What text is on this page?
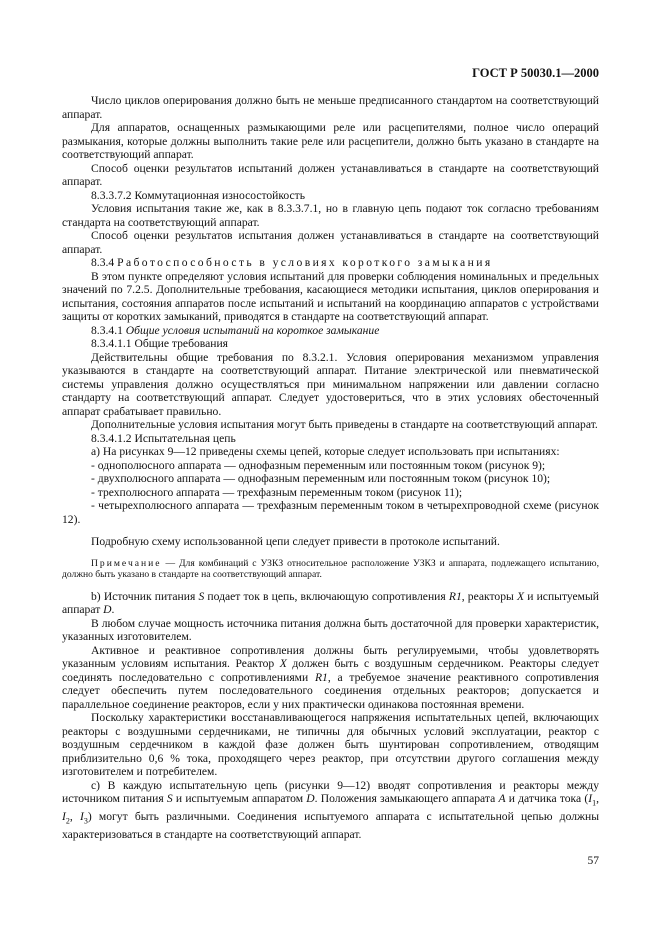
ГОСТ Р 50030.1—2000

Число циклов оперирования должно быть не меньше предписанного стандартом на соответствующий аппарат.

Для аппаратов, оснащенных размыкающими реле или расцепителями, полное число операций размыкания, которые должны выполнить такие реле или расцепители, должно быть указано в стандарте на соответствующий аппарат.

Способ оценки результатов испытаний должен устанавливаться в стандарте на соответствующий аппарат.

8.3.3.7.2 Коммутационная износостойкость

Условия испытания такие же, как в 8.3.3.7.1, но в главную цепь подают ток согласно требованиям стандарта на соответствующий аппарат.

Способ оценки результатов испытания должен устанавливаться в стандарте на соответствующий аппарат.

8.3.4 Работоспособность в условиях короткого замыкания

В этом пункте определяют условия испытаний для проверки соблюдения номинальных и предельных значений по 7.2.5. Дополнительные требования, касающиеся методики испытания, циклов оперирования и испытания, состояния аппаратов после испытаний и испытаний на координацию аппаратов с устройствами защиты от коротких замыканий, приводятся в стандарте на соответствующий аппарат.

8.3.4.1 Общие условия испытаний на короткое замыкание

8.3.4.1.1 Общие требования

Действительны общие требования по 8.3.2.1. Условия оперирования механизмом управления указываются в стандарте на соответствующий аппарат. Питание электрической или пневматической системы управления должно осуществляться при минимальном напряжении или давлении согласно стандарту на соответствующий аппарат. Следует удостовериться, что в этих условиях обесточенный аппарат срабатывает правильно.

Дополнительные условия испытания могут быть приведены в стандарте на соответствующий аппарат.

8.3.4.1.2 Испытательная цепь

а) На рисунках 9—12 приведены схемы цепей, которые следует использовать при испытаниях:

- однополюсного аппарата — однофазным переменным или постоянным током (рисунок 9);

- двухполюсного аппарата — однофазным переменным или постоянным током (рисунок 10);

- трехполюсного аппарата — трехфазным переменным током (рисунок 11);

- четырехполюсного аппарата — трехфазным переменным током в четырехпроводной схеме (рисунок 12).

Подробную схему использованной цепи следует привести в протоколе испытаний.

Примечание — Для комбинаций с УЗКЗ относительное расположение УЗКЗ и аппарата, подлежащего испытанию, должно быть указано в стандарте на соответствующий аппарат.

b) Источник питания S подает ток в цепь, включающую сопротивления R1, реакторы X и испытуемый аппарат D.

В любом случае мощность источника питания должна быть достаточной для проверки характеристик, указанных изготовителем.

Активное и реактивное сопротивления должны быть регулируемыми, чтобы удовлетворять указанным условиям испытания. Реактор X должен быть с воздушным сердечником. Реакторы следует соединять последовательно с сопротивлениями R1, а требуемое значение реактивного сопротивления следует обеспечить путем последовательного соединения отдельных реакторов; допускается и параллельное соединение реакторов, если у них практически одинакова постоянная времени.

Поскольку характеристики восстанавливающегося напряжения испытательных цепей, включающих реакторы с воздушными сердечниками, не типичны для обычных условий эксплуатации, реактор с воздушным сердечником в каждой фазе должен быть шунтирован сопротивлением, отводящим приблизительно 0,6 % тока, проходящего через реактор, при отсутствии другого соглашения между изготовителем и потребителем.

c) В каждую испытательную цепь (рисунки 9—12) вводят сопротивления и реакторы между источником питания S и испытуемым аппаратом D. Положения замыкающего аппарата A и датчика тока ($I_1$, $I_2$, $I_3$) могут быть различными. Соединения испытуемого аппарата с испытательной цепью должны характеризоваться в стандарте на соответствующий аппарат.

57
